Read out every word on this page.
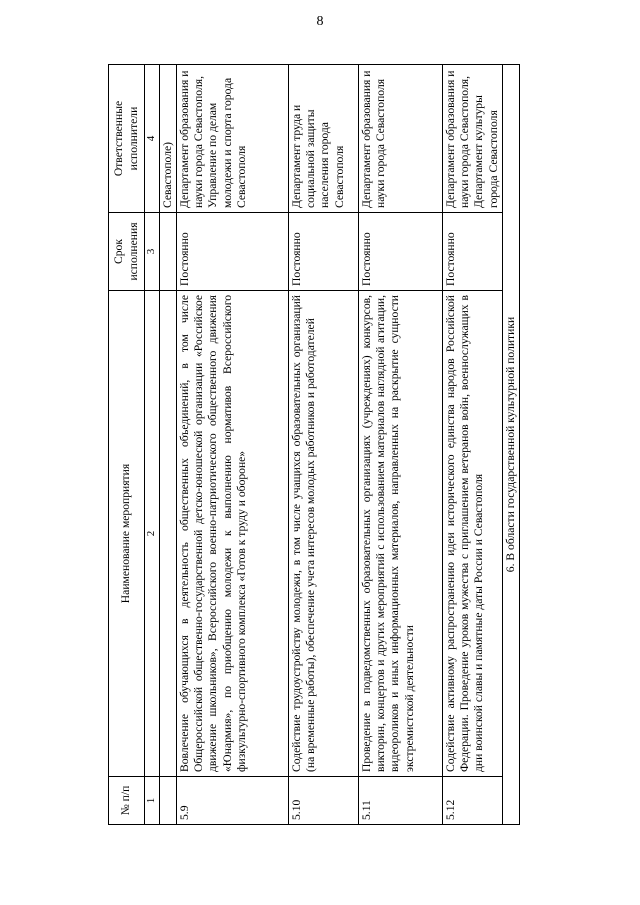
8
№ п/п	Наименование мероприятия	Срок исполнения	Ответственные исполнители
1	2	3	4
			Севастополе)
5.9	Вовлечение обучающихся в деятельность общественных объединений, в том числе Общероссийской общественно-государственной детско-юношеской организации «Российское движение школьников», Всероссийского военно-патриотического общественного движения «Юнармия», по приобщению молодежи к выполнению нормативов Всероссийского физкультурно-спортивного комплекса «Готов к труду и обороне»	Постоянно	Департамент образования и науки города Севастополя, Управление по делам молодежи и спорта города Севастополя
5.10	Содействие трудоустройству молодежи, в том числе учащихся образовательных организаций (на временные работы), обеспечение учета интересов молодых работников и работодателей	Постоянно	Департамент труда и социальной защиты населения города Севастополя
5.11	Проведение в подведомственных образовательных организациях (учреждениях) конкурсов, викторин, концертов и других мероприятий с использованием материалов наглядной агитации, видеороликов и иных информационных материалов, направленных на раскрытие сущности экстремистской деятельности	Постоянно	Департамент образования и науки города Севастополя
5.12	Содействие активному распространению идеи исторического единства народов Российской Федерации. Проведение уроков мужества с приглашением ветеранов войн, военнослужащих в дни воинской славы и памятные даты России и Севастополя	Постоянно	Департамент образования и науки города Севастополя, Департамент культуры города Севастополя
6. В области государственной культурной политики			
